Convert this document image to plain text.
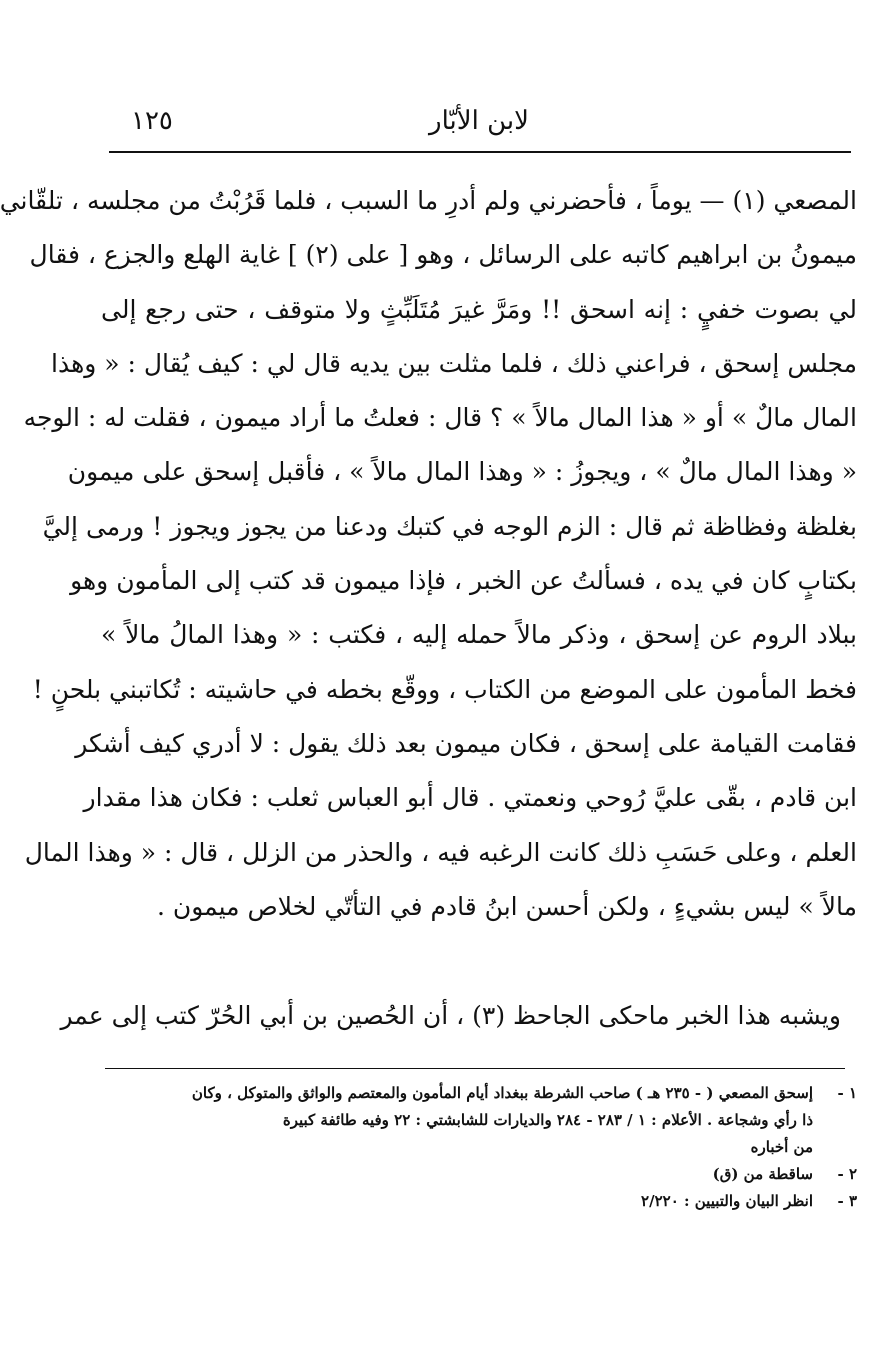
لابن الأبّار
١٢٥
المصعي (١) — يوماً ، فأحضرني ولم أدرِ ما السبب ، فلما قَرُبْتُ من مجلسه ، تلقّاني
ميمونُ بن ابراهيم كاتبه على الرسائل ، وهو [ على (٢) ] غاية الهلع والجزع ، فقال
لي بصوت خفيٍ : إنه اسحق !! ومَرَّ غيرَ مُتَلَبِّثٍ ولا متوقف ، حتى رجع إلى
مجلس إسحق ، فراعني ذلك ، فلما مثلت بين يديه قال لي : كيف يُقال : « وهذا
المال مالٌ » أو « هذا المال مالاً » ؟ قال : فعلتُ ما أراد ميمون ، فقلت له : الوجه
« وهذا المال مالٌ » ، ويجوزُ : « وهذا المال مالاً » ، فأقبل إسحق على ميمون
بغلظة وفظاظة ثم قال : الزم الوجه في كتبك ودعنا من يجوز ويجوز ! ورمى إليَّ
بكتابٍ كان في يده ، فسألتُ عن الخبر ، فإذا ميمون قد كتب إلى المأمون وهو
ببلاد الروم عن إسحق ، وذكر مالاً حمله إليه ، فكتب : « وهذا المالُ مالاً »
فخط المأمون على الموضع من الكتاب ، ووقّع بخطه في حاشيته : تُكاتبني بلحنٍ !
فقامت القيامة على إسحق ، فكان ميمون بعد ذلك يقول : لا أدري كيف أشكر
ابن قادم ، بقّى عليَّ رُوحي ونعمتي . قال أبو العباس ثعلب : فكان هذا مقدار
العلم ، وعلى حَسَبِ ذلك كانت الرغبه فيه ، والحذر من الزلل ، قال : « وهذا المال
مالاً » ليس بشيءٍ ، ولكن أحسن ابنُ قادم في التأتّي لخلاص ميمون .
ويشبه هذا الخبر ماحكى الجاحظ (٣) ، أن الحُصين بن أبي الحُرّ كتب إلى عمر
١ -
إسحق المصعي ( - ٢٣٥ هـ ) صاحب الشرطة ببغداد أيام المأمون والمعتصم والواثق والمتوكل ، وكان
ذا رأي وشجاعة . الأعلام : ١ / ٢٨٣ - ٢٨٤ والديارات للشابشتي : ٢٢ وفيه طائفة كبيرة
من أخباره
٢ -
ساقطة من (ق)
٣ -
انظر البيان والتبيين : ٢/٢٢٠
